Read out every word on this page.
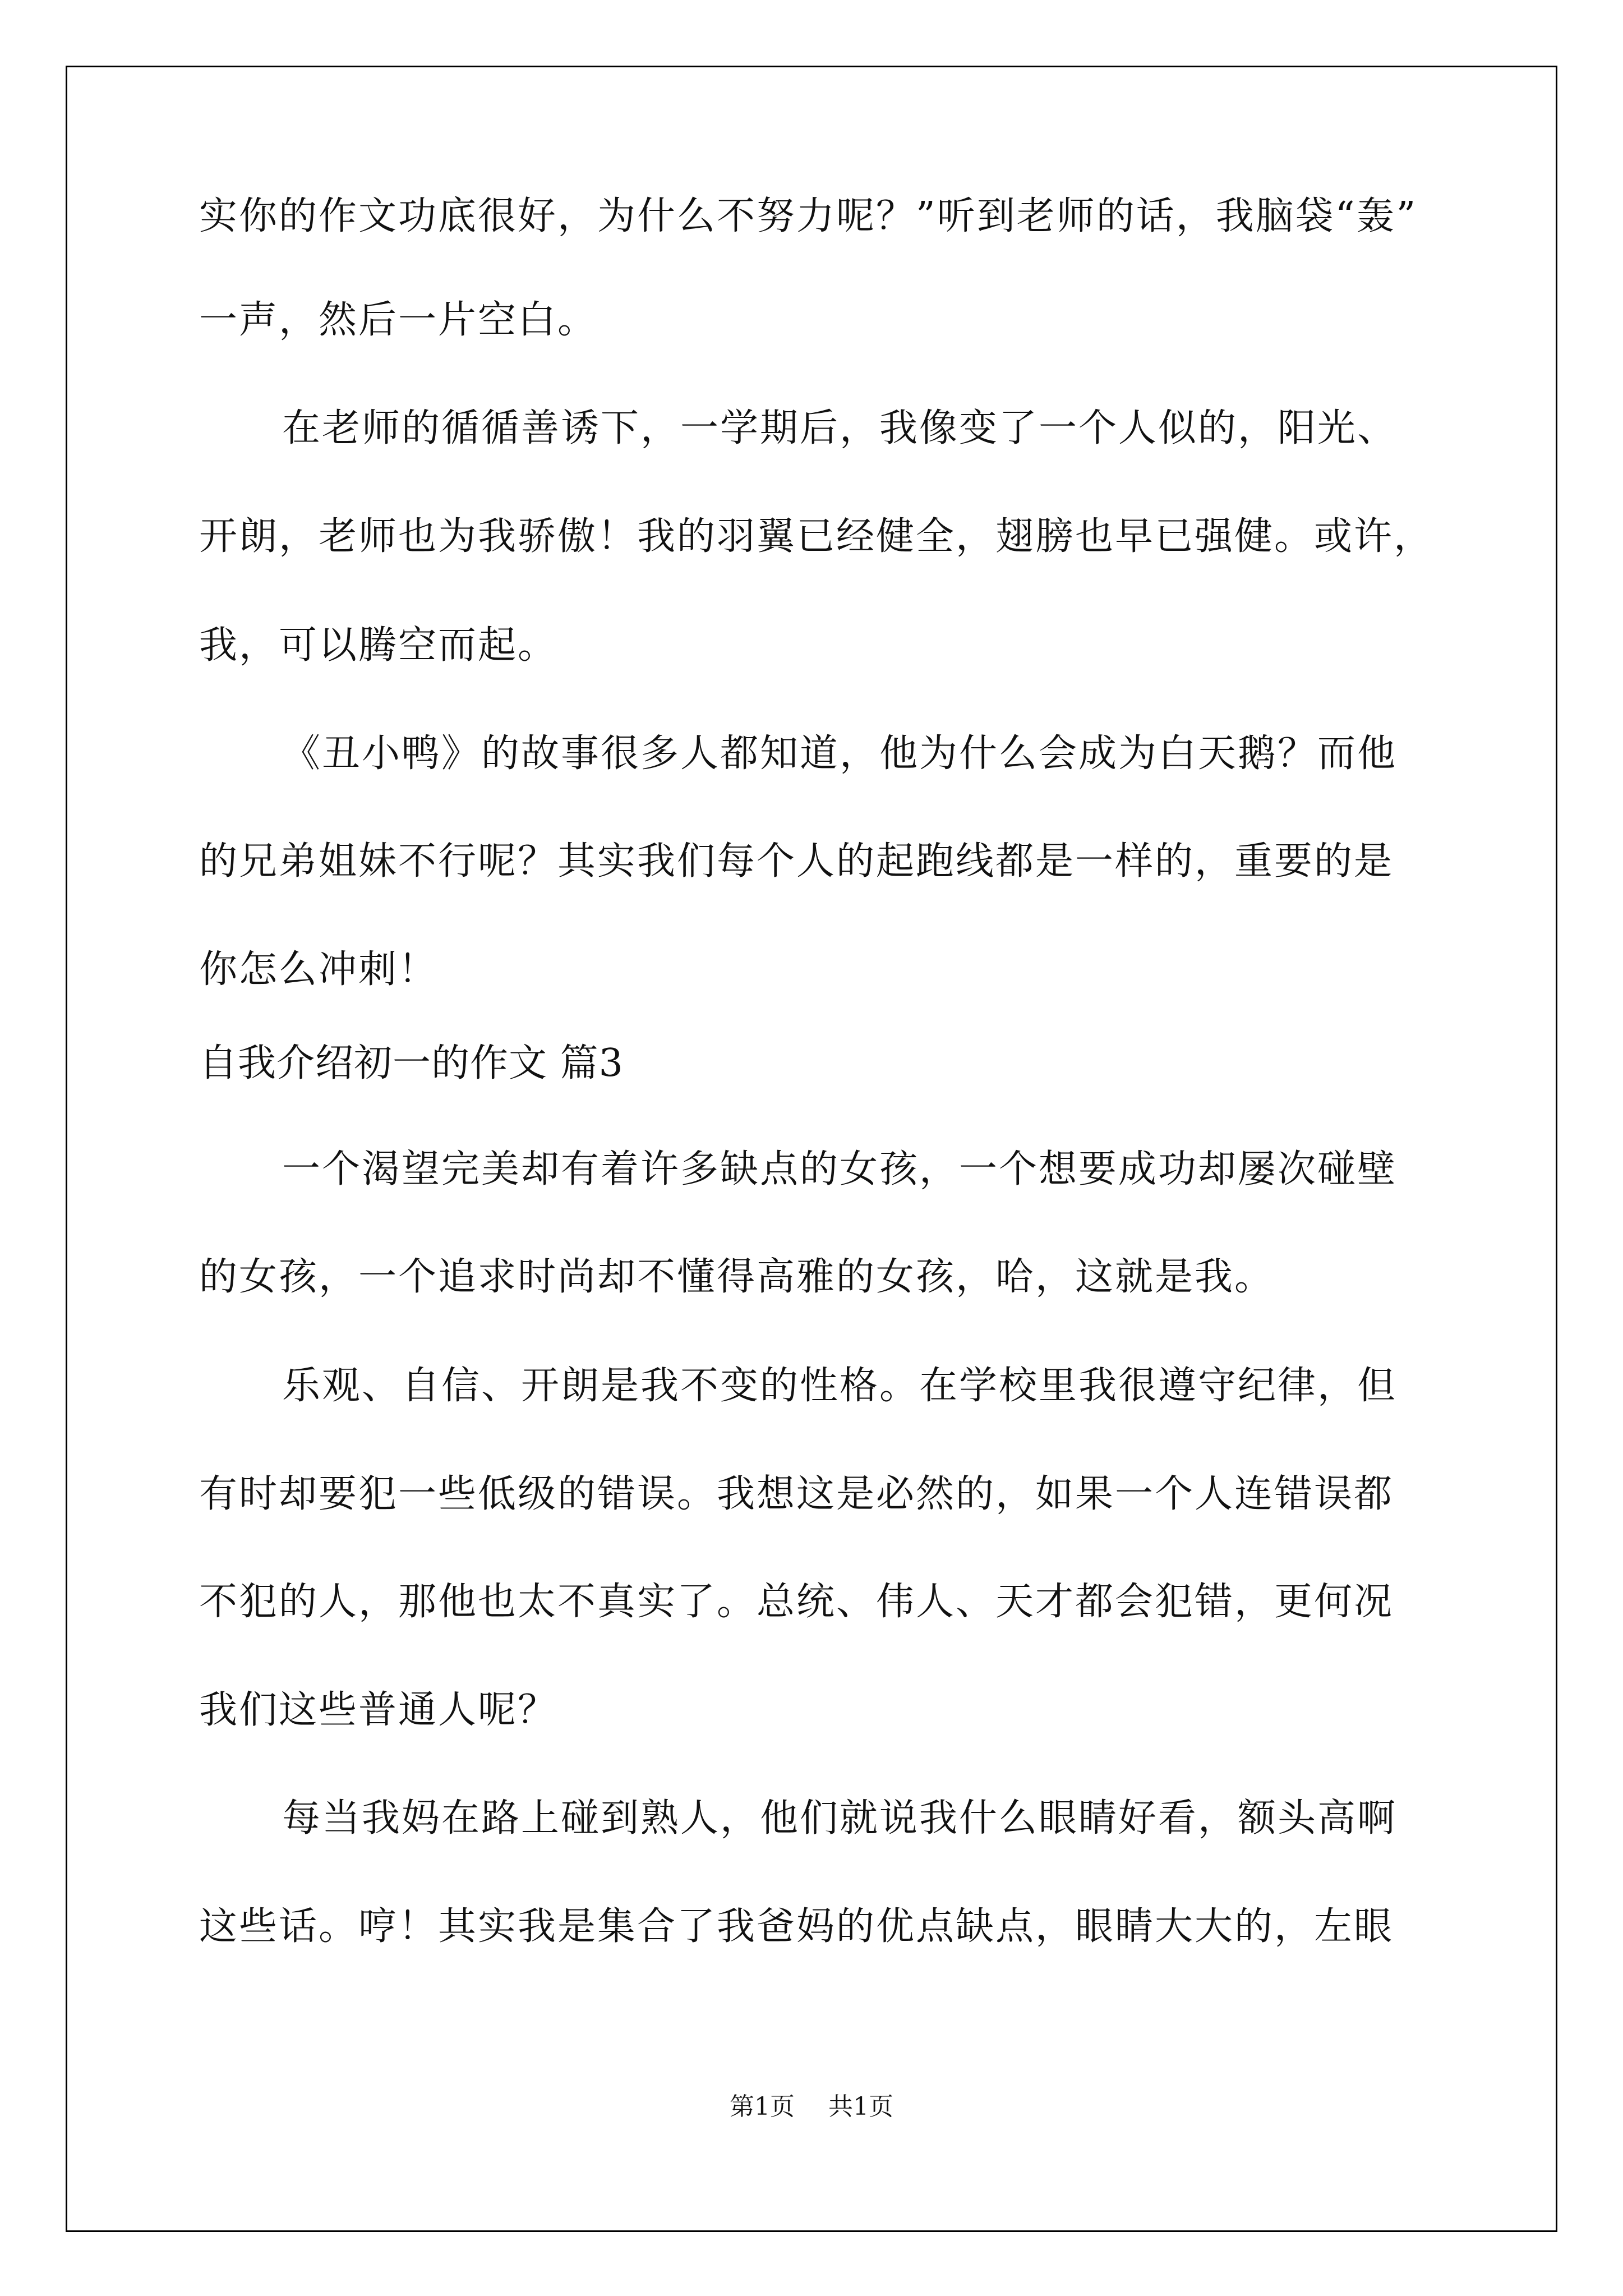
实你的作文功底很好，为什么不努力呢？”听到老师的话，我脑袋“轰”
一声，然后一片空白。
在老师的循循善诱下，一学期后，我像变了一个人似的，阳光、
开朗，老师也为我骄傲！我的羽翼已经健全，翅膀也早已强健。或许，
我，可以腾空而起。
《丑小鸭》的故事很多人都知道，他为什么会成为白天鹅？而他
的兄弟姐妹不行呢？其实我们每个人的起跑线都是一样的，重要的是
你怎么冲刺！
自我介绍初一的作文 篇3
一个渴望完美却有着许多缺点的女孩，一个想要成功却屡次碰壁
的女孩，一个追求时尚却不懂得高雅的女孩，哈，这就是我。
乐观、自信、开朗是我不变的性格。在学校里我很遵守纪律，但
有时却要犯一些低级的错误。我想这是必然的，如果一个人连错误都
不犯的人，那他也太不真实了。总统、伟人、天才都会犯错，更何况
我们这些普通人呢？
每当我妈在路上碰到熟人，他们就说我什么眼睛好看，额头高啊
这些话。哼！其实我是集合了我爸妈的优点缺点，眼睛大大的，左眼
第1页 共1页
